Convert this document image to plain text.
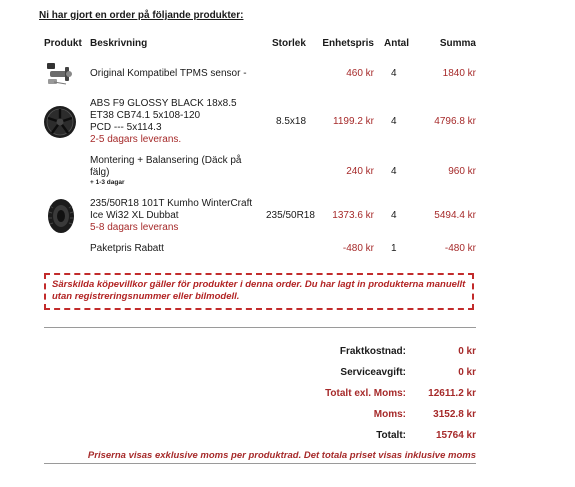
Ni har gjort en order på följande produkter:
Produkt Beskrivning	Storlek Enhetspris Antal	Summa
Original Kompatibel TPMS sensor -	460 kr 4	1840 kr
ABS F9 GLOSSY BLACK 18x8.5
ET38 CB74.1 5x108-120
PCD --- 5x114.3
2-5 dagars leverans.
8.5x18	1199.2 kr 4	4796.8 kr
Montering + Balansering (Däck på
fälg)
+ 1-3 dagar
240 kr 4	960 kr
235/50R18 101T Kumho WinterCraft
Ice Wi32 XL Dubbat
5-8 dagars leverans
235/50R18	1373.6 kr 4	5494.4 kr
Paketpris Rabatt	-480 kr 1	-480 kr
Särskilda köpevillkor gäller för produkter i denna order. Du har lagt in produkterna manuellt utan registreringsnummer eller bilmodell.
Fraktkostnad:	0 kr
Serviceavgift:	0 kr
Totalt exl. Moms:	12611.2 kr
Moms:	3152.8 kr
Totalt:	15764 kr
Priserna visas exklusive moms per produktrad. Det totala priset visas inklusive moms
